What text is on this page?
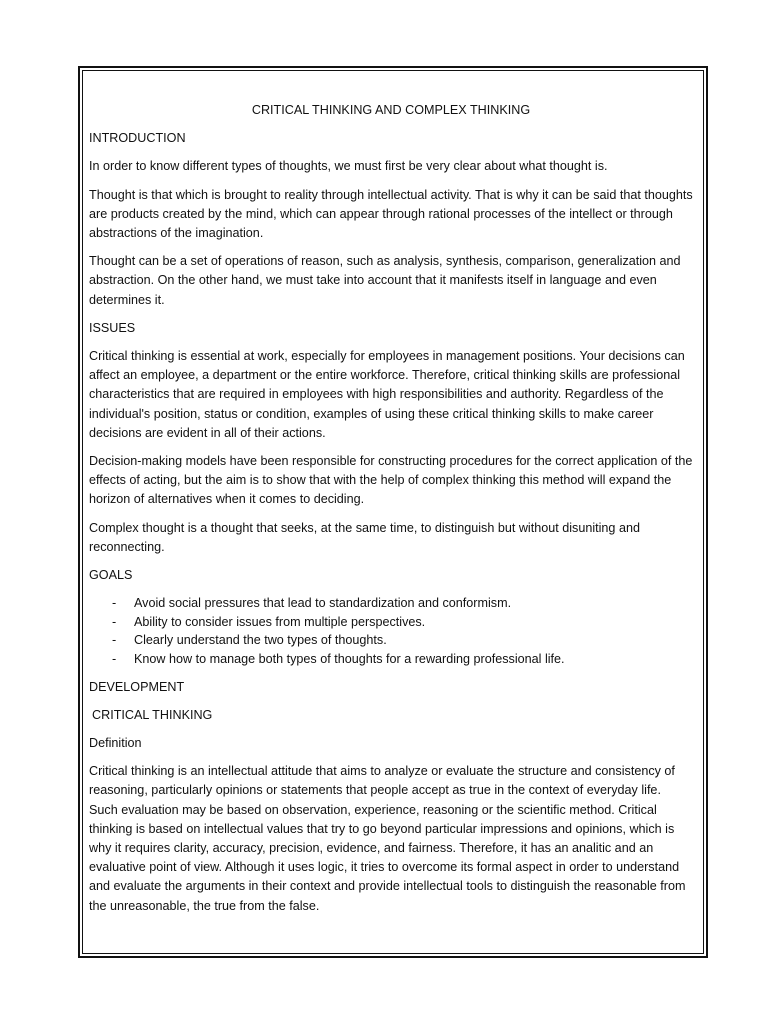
CRITICAL THINKING AND COMPLEX THINKING
INTRODUCTION

In order to know different types of thoughts, we must first be very clear about what thought is.

Thought is that which is brought to reality through intellectual activity. That is why it can be said that thoughts are products created by the mind, which can appear through rational processes of the intellect or through abstractions of the imagination.

Thought can be a set of operations of reason, such as analysis, synthesis, comparison, generalization and abstraction. On the other hand, we must take into account that it manifests itself in language and even determines it.

ISSUES

Critical thinking is essential at work, especially for employees in management positions. Your decisions can affect an employee, a department or the entire workforce. Therefore, critical thinking skills are professional characteristics that are required in employees with high responsibilities and authority. Regardless of the individual's position, status or condition, examples of using these critical thinking skills to make career decisions are evident in all of their actions.

Decision-making models have been responsible for constructing procedures for the correct application of the effects of acting, but the aim is to show that with the help of complex thinking this method will expand the horizon of alternatives when it comes to deciding.

Complex thought is a thought that seeks, at the same time, to distinguish but without disuniting and reconnecting.

GOALS
- Avoid social pressures that lead to standardization and conformism.
- Ability to consider issues from multiple perspectives.
- Clearly understand the two types of thoughts.
- Know how to manage both types of thoughts for a rewarding professional life.
DEVELOPMENT
CRITICAL THINKING
Definition

Critical thinking is an intellectual attitude that aims to analyze or evaluate the structure and consistency of reasoning, particularly opinions or statements that people accept as true in the context of everyday life. Such evaluation may be based on observation, experience, reasoning or the scientific method. Critical thinking is based on intellectual values that try to go beyond particular impressions and opinions, which is why it requires clarity, accuracy, precision, evidence, and fairness. Therefore, it has an analitic and an evaluative point of view. Although it uses logic, it tries to overcome its formal aspect in order to understand and evaluate the arguments in their context and provide intellectual tools to distinguish the reasonable from the unreasonable, the true from the false.
